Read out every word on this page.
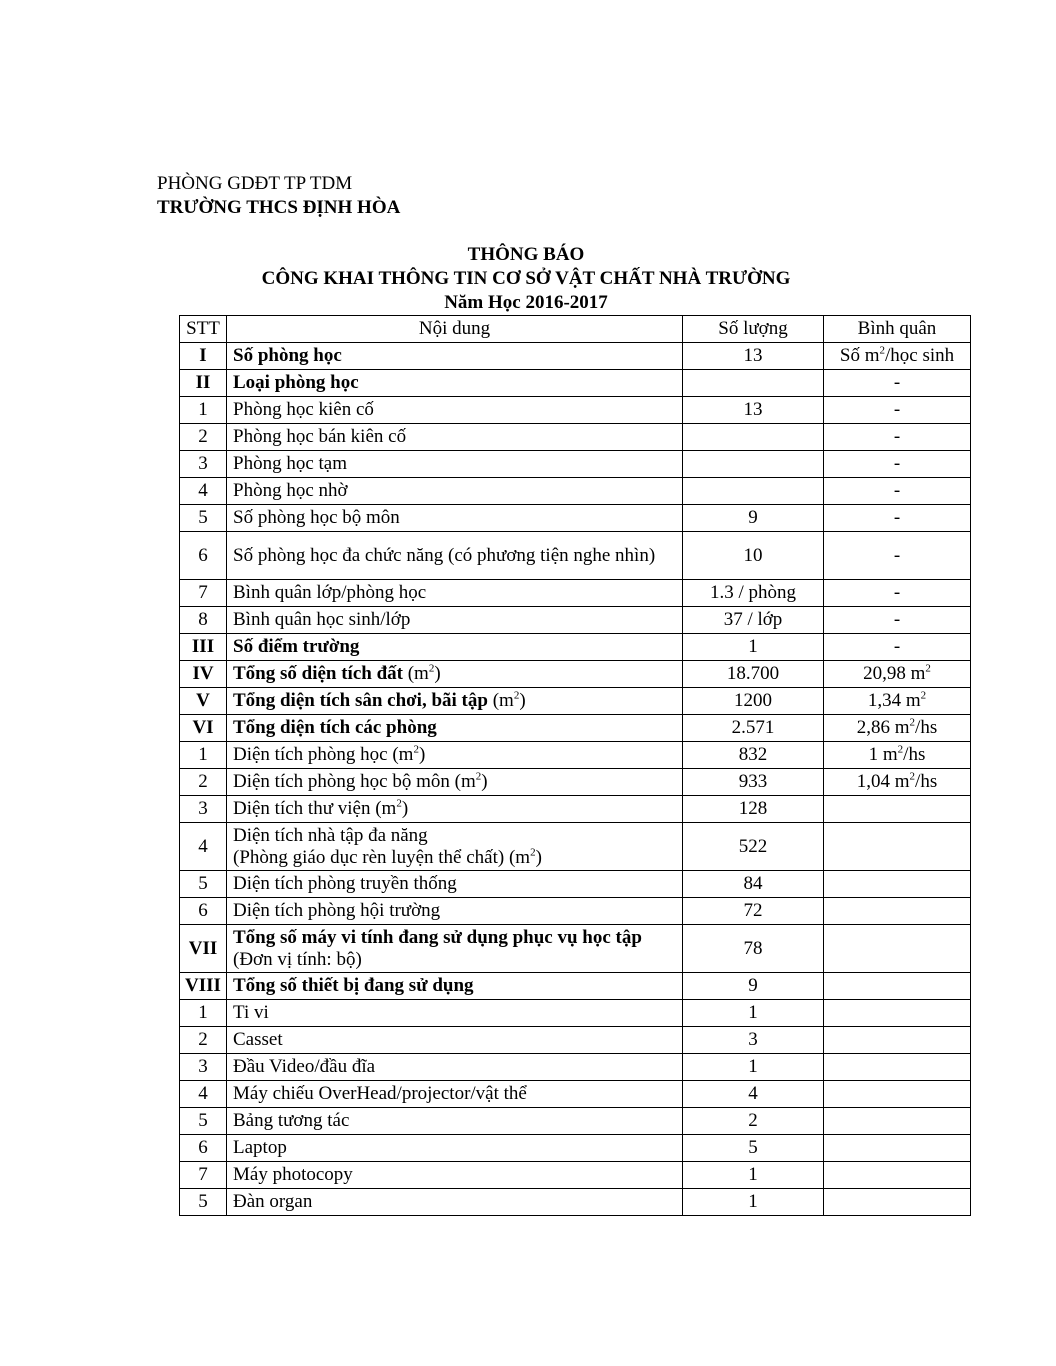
PHÒNG GDĐT TP TDM
TRƯỜNG THCS ĐỊNH HÒA
THÔNG BÁO
CÔNG KHAI THÔNG TIN CƠ SỞ VẬT CHẤT NHÀ TRƯỜNG
Năm Học 2016-2017
STT	Nội dung	Số lượng	Bình quân
I	Số phòng học	13	Số $m^2$/học sinh
II	Loại phòng học		-
1	Phòng học kiên cố	13	-
2	Phòng học bán kiên cố		-
3	Phòng học tạm		-
4	Phòng học nhờ		-
5	Số phòng học bộ môn	9	-
6	Số phòng học đa chức năng (có phương tiện nghe nhìn)	10	-
7	Bình quân lớp/phòng học	1.3 / phòng	-
8	Bình quân học sinh/lớp	37 / lớp	-
III	Số điểm trường	1	-
IV	Tổng số diện tích đất $(m^2)$	18.700	20,98 $m^2$
V	Tổng diện tích sân chơi, bãi tập $(m^2)$	1200	1,34 $m^2$
VI	Tổng diện tích các phòng	2.571	2,86 $m^2/hs$
1	Diện tích phòng học $(m^2)$	832	1 $m^2/hs$
2	Diện tích phòng học bộ môn $(m^2)$	933	1,04 $m^2/hs$
3	Diện tích thư viện $(m^2)$	128	
4	Diện tích nhà tập đa năng
(Phòng giáo dục rèn luyện thể chất) $(m^2)$	522	
5	Diện tích phòng truyền thống	84	
6	Diện tích phòng hội trường	72	
VII	Tổng số máy vi tính đang sử dụng phục vụ học tập (Đơn vị tính: bộ)	78	
VIII	Tổng số thiết bị đang sử dụng	9	
1	Ti vi	1	
2	Casset	3	
3	Đầu Video/đầu đĩa	1	
4	Máy chiếu OverHead/projector/vật thể	4	
5	Bảng tương tác	2	
6	Laptop	5	
7	Máy photocopy	1	
5	Đàn organ	1	
